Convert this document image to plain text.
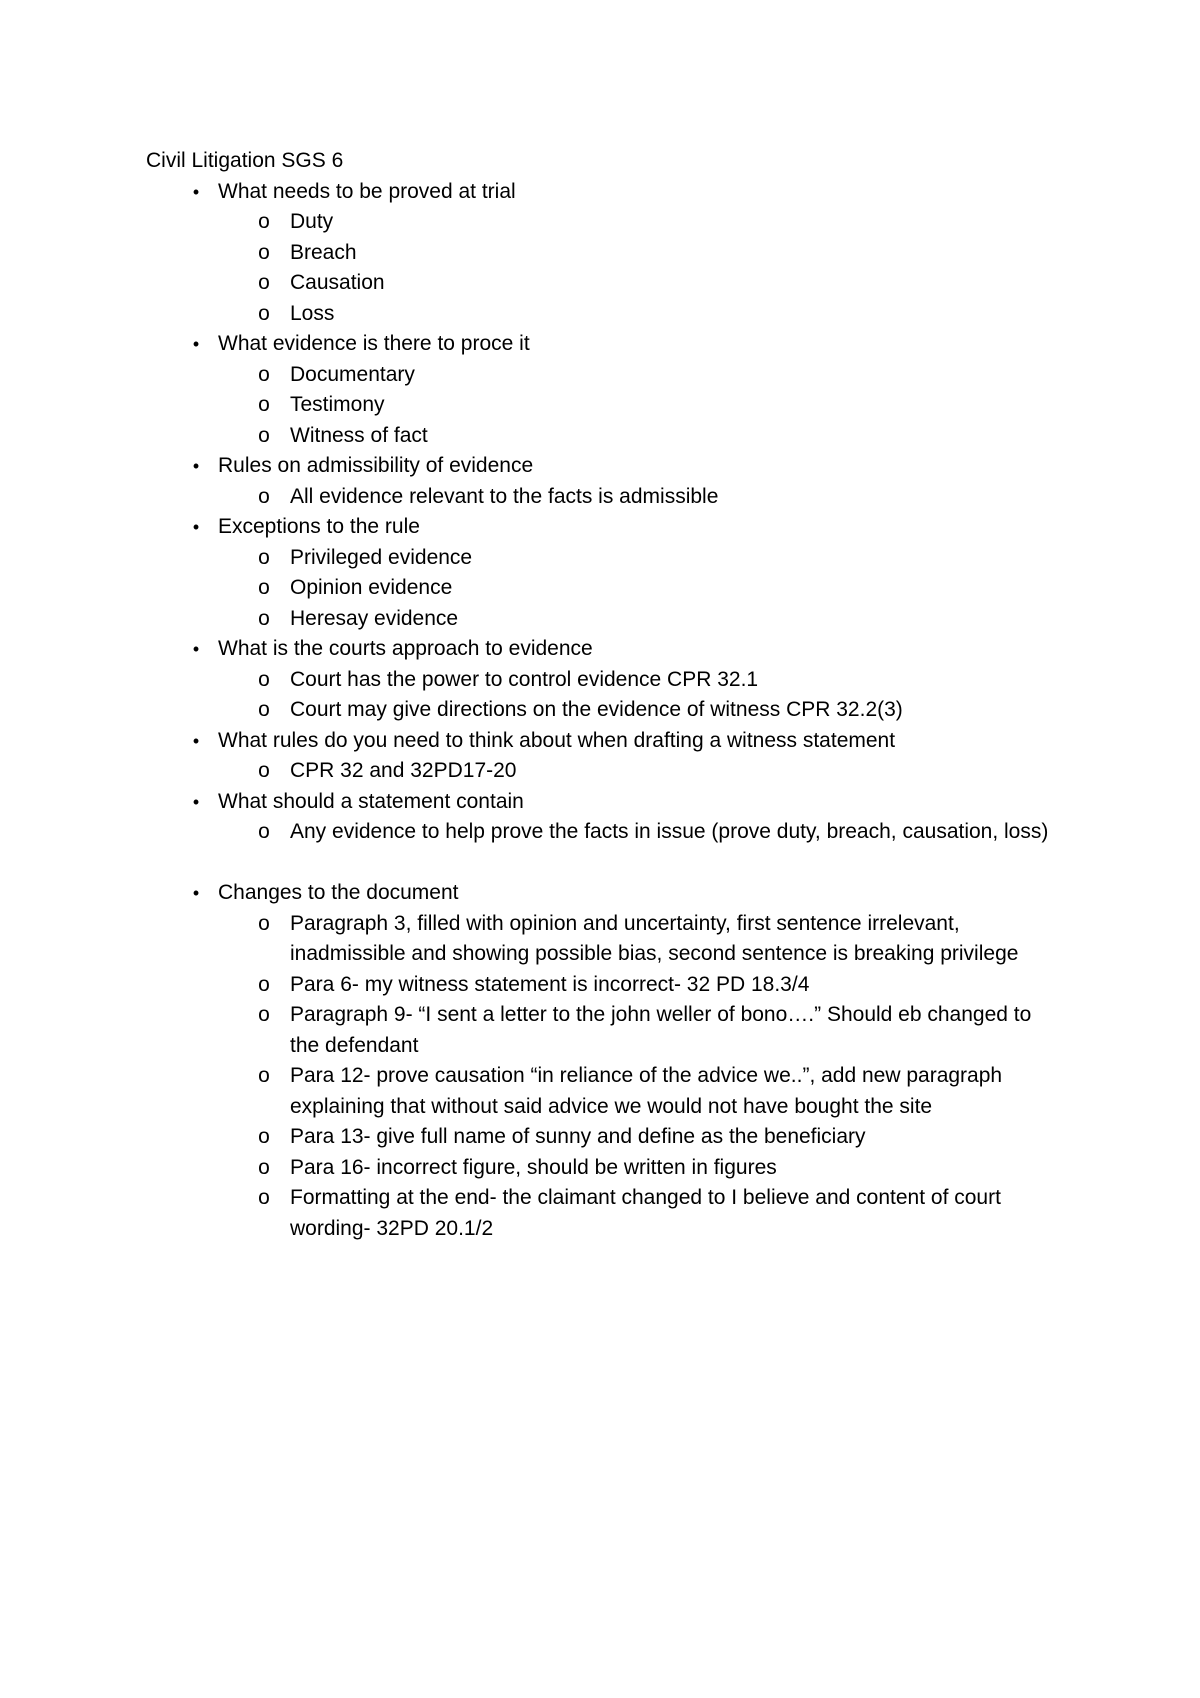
Civil Litigation SGS 6
• What needs to be proved at trial
o Duty
o Breach
o Causation
o Loss
• What evidence is there to proce it
o Documentary
o Testimony
o Witness of fact
• Rules on admissibility of evidence
o All evidence relevant to the facts is admissible
• Exceptions to the rule
o Privileged evidence
o Opinion evidence
o Heresay evidence
• What is the courts approach to evidence
o Court has the power to control evidence CPR 32.1
o Court may give directions on the evidence of witness CPR 32.2(3)
• What rules do you need to think about when drafting a witness statement
o CPR 32 and 32PD17-20
• What should a statement contain
o Any evidence to help prove the facts in issue (prove duty, breach, causation, loss)
• Changes to the document
o Paragraph 3, filled with opinion and uncertainty, first sentence irrelevant, inadmissible and showing possible bias, second sentence is breaking privilege
o Para 6- my witness statement is incorrect- 32 PD 18.3/4
o Paragraph 9- “I sent a letter to the john weller of bono….” Should eb changed to the defendant
o Para 12- prove causation “in reliance of the advice we..”, add new paragraph explaining that without said advice we would not have bought the site
o Para 13- give full name of sunny and define as the beneficiary
o Para 16- incorrect figure, should be written in figures
o Formatting at the end- the claimant changed to I believe and content of court wording- 32PD 20.1/2
